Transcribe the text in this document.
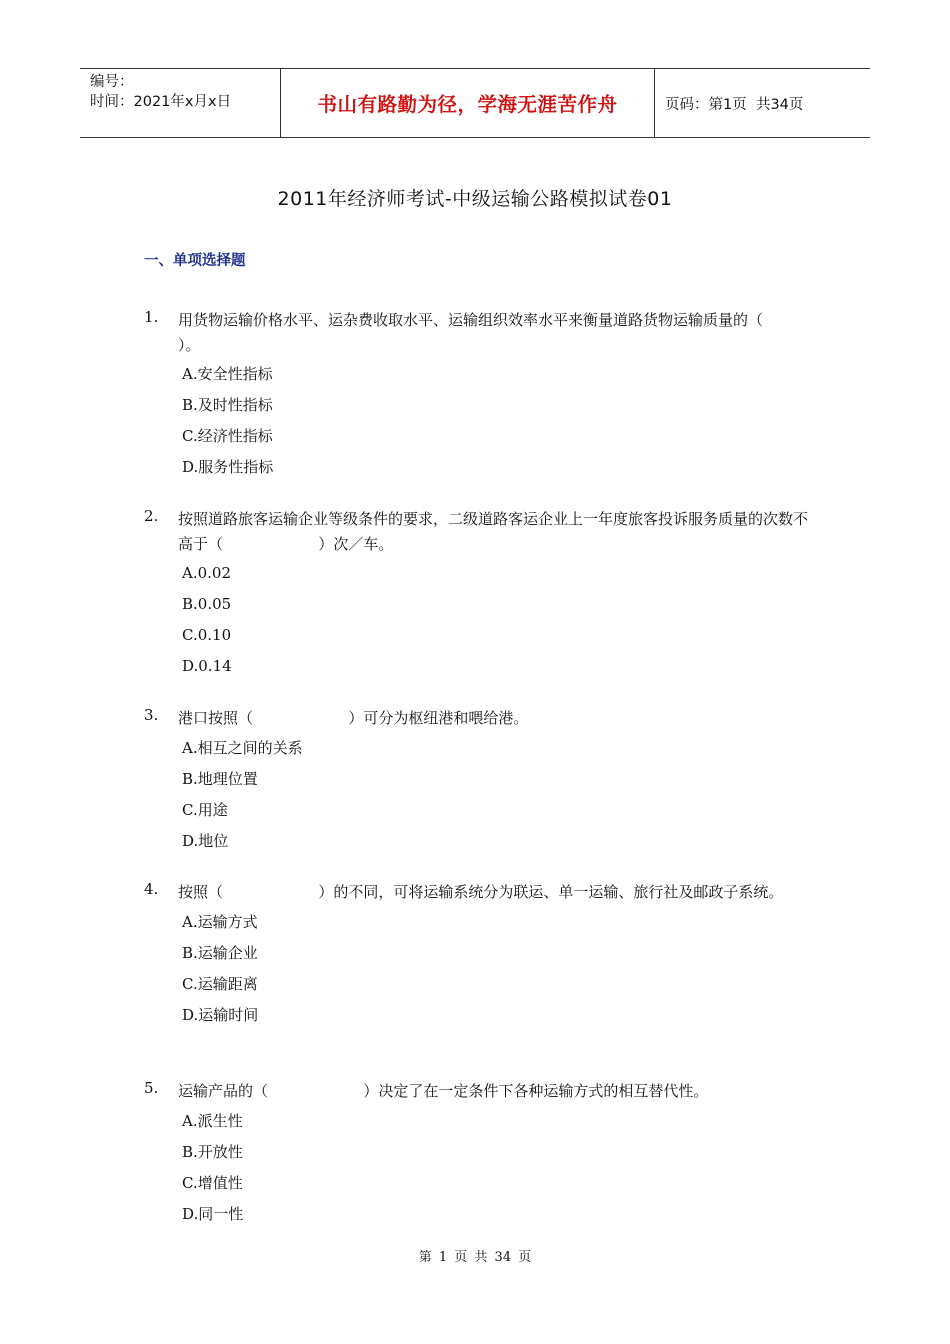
编号：
时间：2021年x月x日	书山有路勤为径，学海无涯苦作舟	页码：第1页  共34页
2011年经济师考试-中级运输公路模拟试卷01
一、单项选择题
1. 用货物运输价格水平、运杂费收取水平、运输组织效率水平来衡量道路货物运输质量的（                    ）。
A.安全性指标
B.及时性指标
C.经济性指标
D.服务性指标
2. 按照道路旅客运输企业等级条件的要求，二级道路客运企业上一年度旅客投诉服务质量的次数不高于（                    ）次／车。
A.0.02
B.0.05
C.0.10
D.0.14
3. 港口按照（                    ）可分为枢纽港和喂给港。
A.相互之间的关系
B.地理位置
C.用途
D.地位
4. 按照（                    ）的不同，可将运输系统分为联运、单一运输、旅行社及邮政子系统。
A.运输方式
B.运输企业
C.运输距离
D.运输时间
5. 运输产品的（                    ）决定了在一定条件下各种运输方式的相互替代性。
A.派生性
B.开放性
C.增值性
D.同一性
第 1 页 共 34 页
